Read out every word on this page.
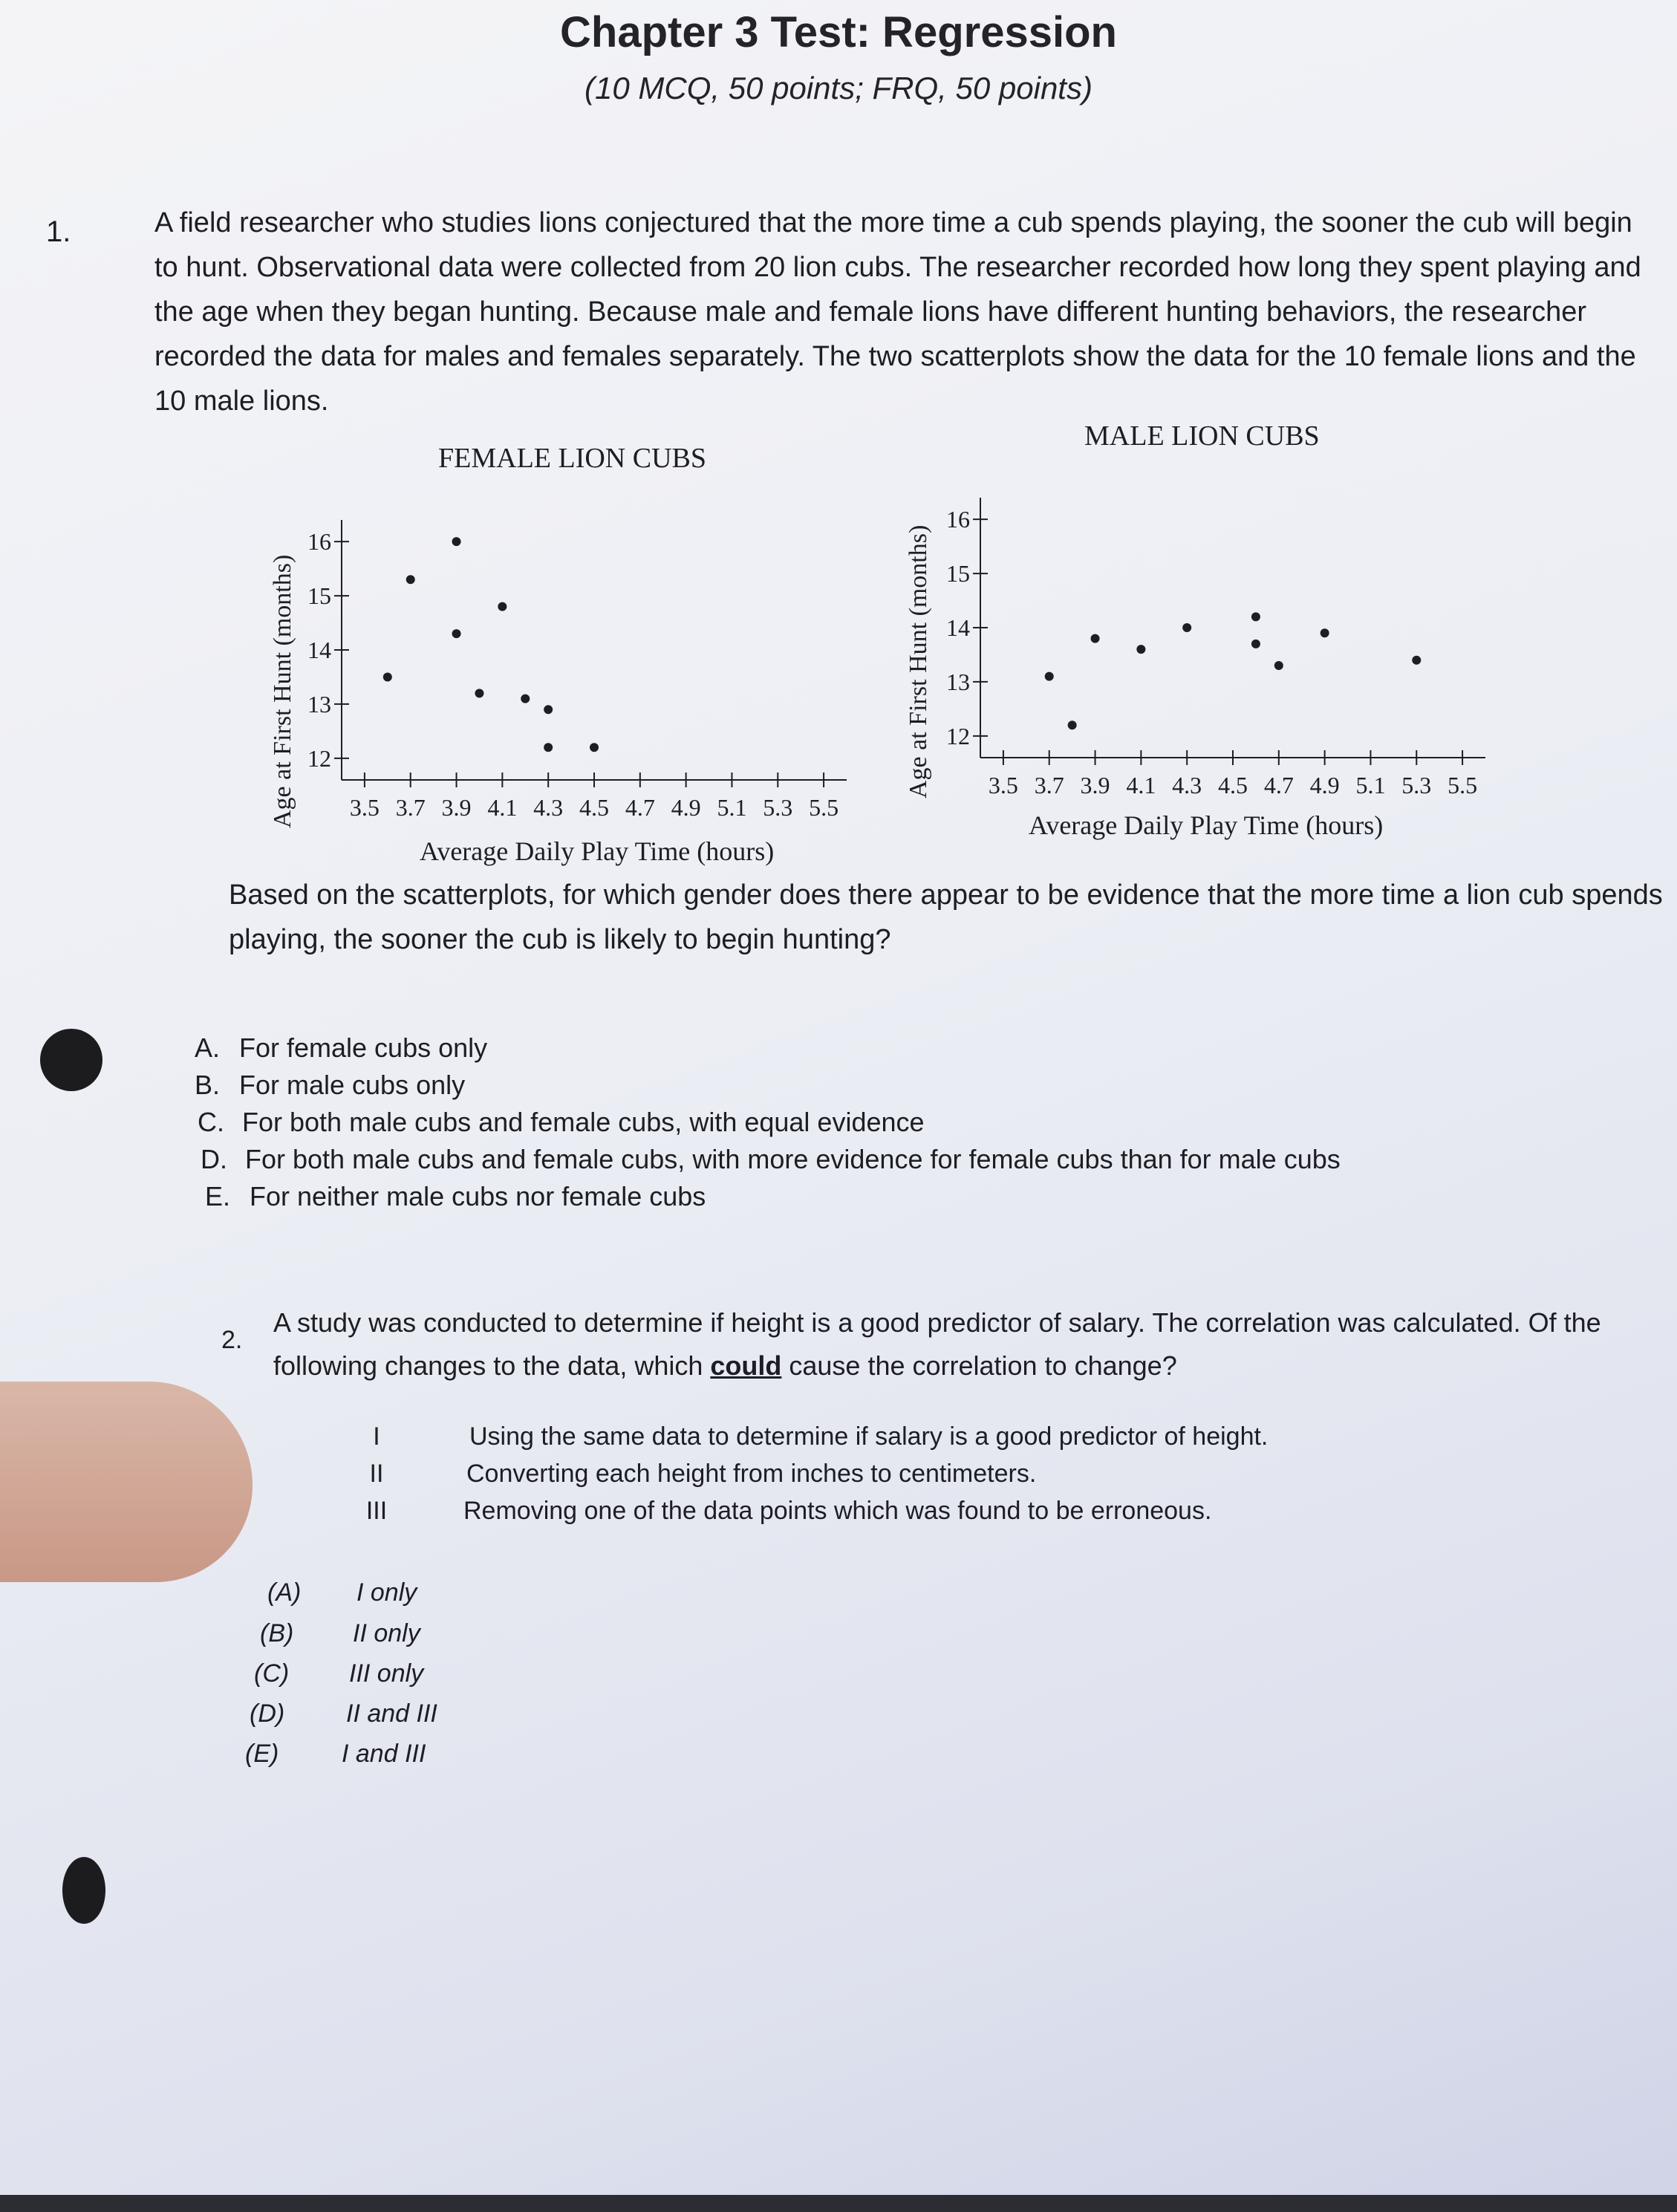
Chapter 3 Test: Regression
(10 MCQ, 50 points; FRQ, 50 points)
1.	A field researcher who studies lions conjectured that the more time a cub spends playing, the sooner the cub will begin
to hunt. Observational data were collected from 20 lion cubs. The researcher recorded how long they spent playing and
the age when they began hunting. Because male and female lions have different hunting behaviors, the researcher
recorded the data for males and females separately. The two scatterplots show the data for the 10 female lions and the
10 male lions.
FEMALE LION CUBS
Age at First Hunt (months) 12
13
14
15
16
3.5 3.7 3.9 4.1 4.3 4.5 4.7 4.9 5.1 5.3 5.5
Average Daily Play Time (hours)
MALE LION CUBS
Age at First Hunt (months) 12
13
14
15
16
3.5 3.7 3.9 4.1 4.3 4.5 4.7 4.9 5.1 5.3 5.5
Average Daily Play Time (hours)
Based on the scatterplots, for which gender does there appear to be evidence that the more time a lion cub spends
playing, the sooner the cub is likely to begin hunting?
A. For female cubs only
B. For male cubs only
C. For both male cubs and female cubs, with equal evidence
D. For both male cubs and female cubs, with more evidence for female cubs than for male cubs
E. For neither male cubs nor female cubs
2.
A study was conducted to determine if height is a good predictor of salary. The correlation was calculated. Of the
following changes to the data, which could cause the correlation to change?
I	Using the same data to determine if salary is a good predictor of height.
II	Converting each height from inches to centimeters.
III	Removing one of the data points which was found to be erroneous.
(A) I only
(B) II only
(C) III only
(D) II and III
(E) I and III
